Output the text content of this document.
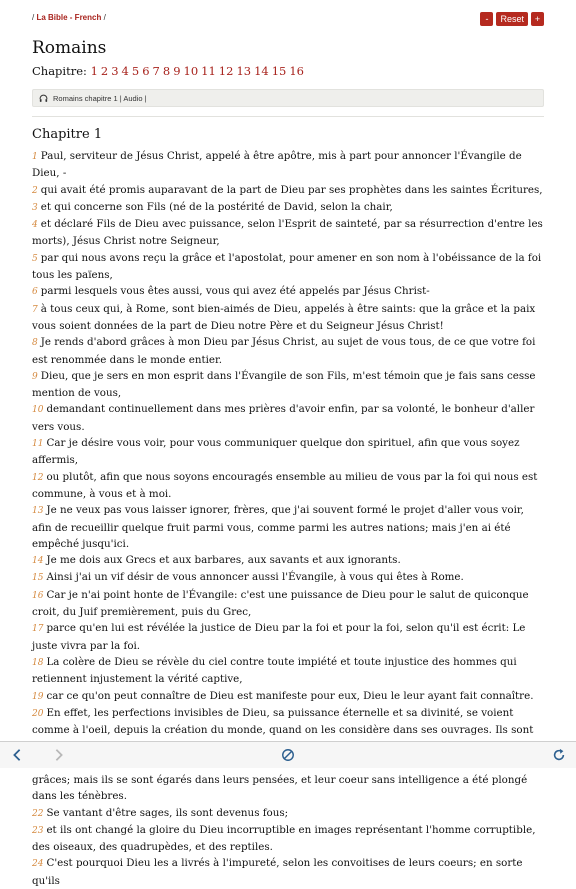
/ La Bible - French /	-	Reset	+
Romains
Chapitre: 1 2 3 4 5 6 7 8 9 10 11 12 13 14 15 16
Romains chapitre 1 | Audio |
Chapitre 1
1 Paul, serviteur de Jésus Christ, appelé à être apôtre, mis à part pour annoncer l'Évangile de Dieu, -
2 qui avait été promis auparavant de la part de Dieu par ses prophètes dans les saintes Écritures,
3 et qui concerne son Fils (né de la postérité de David, selon la chair,
4 et déclaré Fils de Dieu avec puissance, selon l'Esprit de sainteté, par sa résurrection d'entre les morts), Jésus Christ notre Seigneur,
5 par qui nous avons reçu la grâce et l'apostolat, pour amener en son nom à l'obéissance de la foi tous les païens,
6 parmi lesquels vous êtes aussi, vous qui avez été appelés par Jésus Christ-
7 à tous ceux qui, à Rome, sont bien-aimés de Dieu, appelés à être saints: que la grâce et la paix vous soient données de la part de Dieu notre Père et du Seigneur Jésus Christ!
8 Je rends d'abord grâces à mon Dieu par Jésus Christ, au sujet de vous tous, de ce que votre foi est renommée dans le monde entier.
9 Dieu, que je sers en mon esprit dans l'Évangile de son Fils, m'est témoin que je fais sans cesse mention de vous,
10 demandant continuellement dans mes prières d'avoir enfin, par sa volonté, le bonheur d'aller vers vous.
11 Car je désire vous voir, pour vous communiquer quelque don spirituel, afin que vous soyez affermis,
12 ou plutôt, afin que nous soyons encouragés ensemble au milieu de vous par la foi qui nous est commune, à vous et à moi.
13 Je ne veux pas vous laisser ignorer, frères, que j'ai souvent formé le projet d'aller vous voir, afin de recueillir quelque fruit parmi vous, comme parmi les autres nations; mais j'en ai été empêché jusqu'ici.
14 Je me dois aux Grecs et aux barbares, aux savants et aux ignorants.
15 Ainsi j'ai un vif désir de vous annoncer aussi l'Évangile, à vous qui êtes à Rome.
16 Car je n'ai point honte de l'Évangile: c'est une puissance de Dieu pour le salut de quiconque croit, du Juif premièrement, puis du Grec,
17 parce qu'en lui est révélée la justice de Dieu par la foi et pour la foi, selon qu'il est écrit: Le juste vivra par la foi.
18 La colère de Dieu se révèle du ciel contre toute impiété et toute injustice des hommes qui retiennent injustement la vérité captive,
19 car ce qu'on peut connaître de Dieu est manifeste pour eux, Dieu le leur ayant fait connaître.
20 En effet, les perfections invisibles de Dieu, sa puissance éternelle et sa divinité, se voient comme à l'oeil, depuis la création du monde, quand on les considère dans ses ouvrages. Ils sont
grâces; mais ils se sont égarés dans leurs pensées, et leur coeur sans intelligence a été plongé dans les ténèbres.
22 Se vantant d'être sages, ils sont devenus fous;
23 et ils ont changé la gloire du Dieu incorruptible en images représentant l'homme corruptible, des oiseaux, des quadrupèdes, et des reptiles.
24 C'est pourquoi Dieu les a livrés à l'impureté, selon les convoitises de leurs coeurs; en sorte qu'ils
